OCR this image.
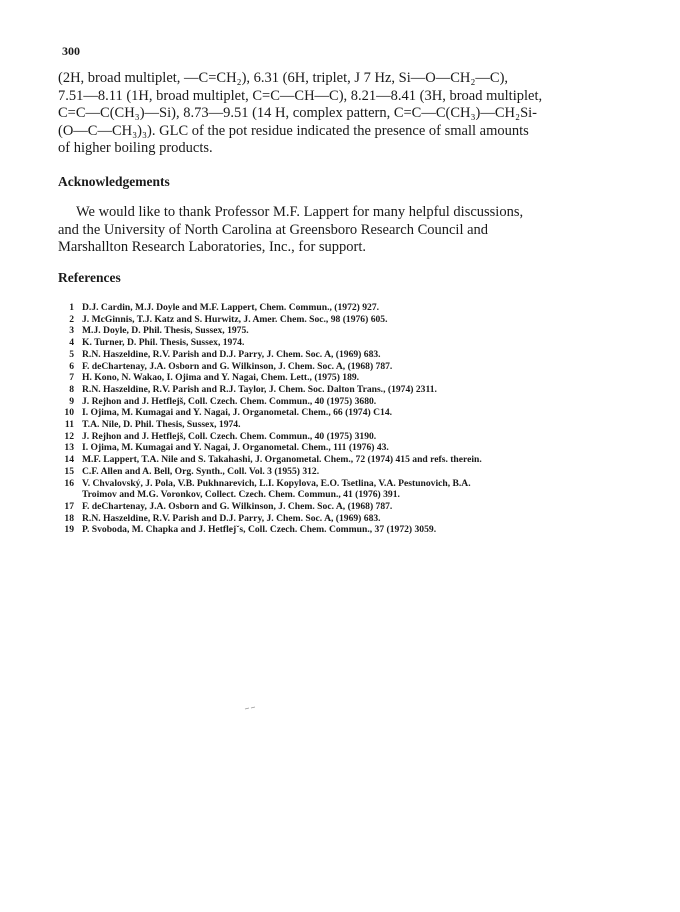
300
(2H, broad multiplet, —C=CH₂), 6.31 (6H, triplet, J 7 Hz, Si—O—CH₂—C),
7.51—8.11 (1H, broad multiplet, C=C—CH—C), 8.21—8.41 (3H, broad multiplet,
C=C—C(CH₃)—Si), 8.73—9.51 (14 H, complex pattern, C=C—C(CH₃)—CH₂Si-
(O—C—CH₃)₃). GLC of the pot residue indicated the presence of small amounts
of higher boiling products.
Acknowledgements
We would like to thank Professor M.F. Lappert for many helpful discussions,
and the University of North Carolina at Greensboro Research Council and
Marshallton Research Laboratories, Inc., for support.
References
1 D.J. Cardin, M.J. Doyle and M.F. Lappert, Chem. Commun., (1972) 927.
2 J. McGinnis, T.J. Katz and S. Hurwitz, J. Amer. Chem. Soc., 98 (1976) 605.
3 M.J. Doyle, D. Phil. Thesis, Sussex, 1975.
4 K. Turner, D. Phil. Thesis, Sussex, 1974.
5 R.N. Haszeldine, R.V. Parish and D.J. Parry, J. Chem. Soc. A, (1969) 683.
6 F. deChartenay, J.A. Osborn and G. Wilkinson, J. Chem. Soc. A, (1968) 787.
7 H. Kono, N. Wakao, I. Ojima and Y. Nagai, Chem. Lett., (1975) 189.
8 R.N. Haszeldine, R.V. Parish and R.J. Taylor, J. Chem. Soc. Dalton Trans., (1974) 2311.
9 J. Rejhon and J. Hetflejš, Coll. Czech. Chem. Commun., 40 (1975) 3680.
10 I. Ojima, M. Kumagai and Y. Nagai, J. Organometal. Chem., 66 (1974) C14.
11 T.A. Nile, D. Phil. Thesis, Sussex, 1974.
12 J. Rejhon and J. Hetflejš, Coll. Czech. Chem. Commun., 40 (1975) 3190.
13 I. Ojima, M. Kumagai and Y. Nagai, J. Organometal. Chem., 111 (1976) 43.
14 M.F. Lappert, T.A. Nile and S. Takahashi, J. Organometal. Chem., 72 (1974) 415 and refs. therein.
15 C.F. Allen and A. Bell, Org. Synth., Coll. Vol. 3 (1955) 312.
16 V. Chvalovský, J. Pola, V.B. Pukhnarevich, L.I. Kopylova, E.O. Tsetlina, V.A. Pestunovich, B.A.
Troimov and M.G. Voronkov, Collect. Czech. Chem. Commun., 41 (1976) 391.
17 F. deChartenay, J.A. Osborn and G. Wilkinson, J. Chem. Soc. A, (1968) 787.
18 R.N. Haszeldine, R.V. Parish and D.J. Parry, J. Chem. Soc. A, (1969) 683.
19 P. Svoboda, M. Chapka and J. Hetflejˇs, Coll. Czech. Chem. Commun., 37 (1972) 3059.
